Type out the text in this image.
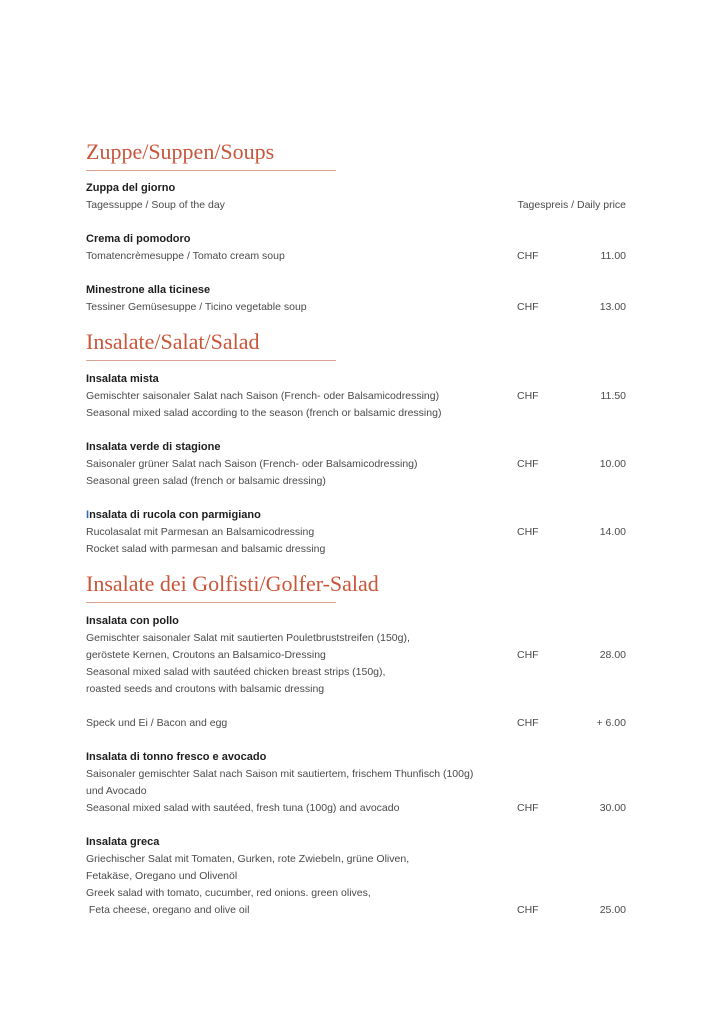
Zuppe/Suppen/Soups

Zuppa del giorno

Tagessuppe / Soup of the day	Tagespreis / Daily price

Crema di pomodoro

Tomatencrèmesuppe / Tomato cream soup	CHF	11.00

Minestrone alla ticinese

Tessiner Gemüsesuppe / Ticino vegetable soup	CHF	13.00
Insalate/Salat/Salad

Insalata mista

Gemischter saisonaler Salat nach Saison (French- oder Balsamicodressing)

Seasonal mixed salad according to the season (french or balsamic dressing)

CHF	11.50

Insalata verde di stagione

Saisonaler grüner Salat nach Saison (French- oder Balsamicodressing)

Seasonal green salad (french or balsamic dressing)

CHF	10.00

Insalata di rucola con parmigiano

Rucolasalat mit Parmesan an Balsamicodressing

Rocket salad with parmesan and balsamic dressing

CHF	14.00
Insalate dei Golfisti/Golfer-Salad

Insalata con pollo

Gemischter saisonaler Salat mit sautierten Pouletbruststreifen (150g),

geröstete Kernen, Croutons an Balsamico-Dressing

Seasonal mixed salad with sautéed chicken breast strips (150g),

roasted seeds and croutons with balsamic dressing

CHF	28.00

Speck und Ei / Bacon and egg	CHF	+ 6.00

Insalata di tonno fresco e avocado

Saisonaler gemischter Salat nach Saison mit sautiertem, frischem Thunfisch (100g)

und Avocado

Seasonal mixed salad with sautéed, fresh tuna (100g) and avocado	CHF	30.00

Insalata greca

Griechischer Salat mit Tomaten, Gurken, rote Zwiebeln, grüne Oliven,

Fetakäse, Oregano und Olivenöl

Greek salad with tomato, cucumber, red onions. green olives,

Feta cheese, oregano and olive oil	CHF	25.00
